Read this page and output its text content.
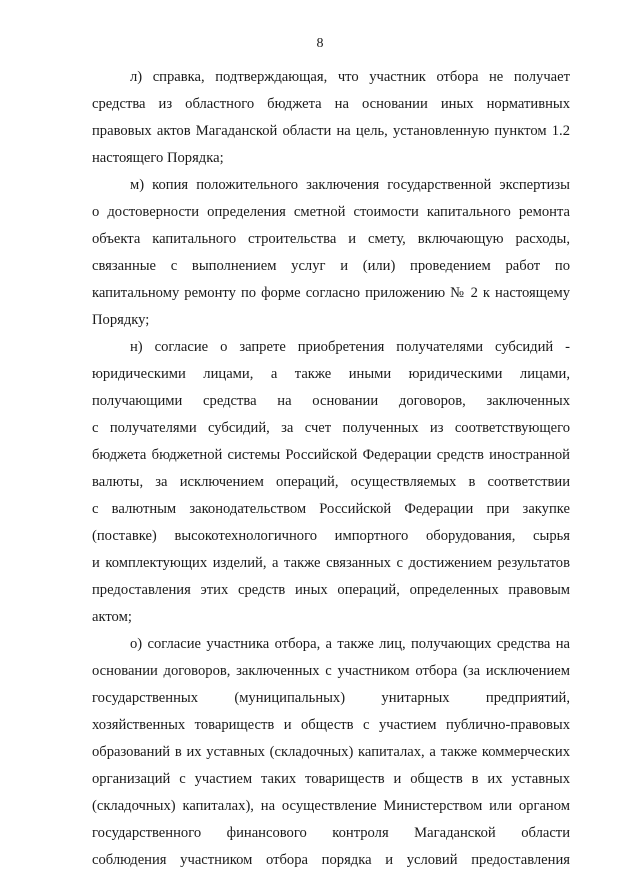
8
л) справка, подтверждающая, что участник отбора не получает
средства из областного бюджета на основании иных нормативных
правовых актов Магаданской области на цель, установленную пунктом 1.2
настоящего Порядка;
м) копия положительного заключения государственной экспертизы
о достоверности определения сметной стоимости капитального ремонта
объекта капитального строительства и смету, включающую расходы,
связанные с выполнением услуг и (или) проведением работ по
капитальному ремонту по форме согласно приложению № 2 к настоящему
Порядку;
н) согласие о запрете приобретения получателями субсидий -
юридическими лицами, а также иными юридическими лицами,
получающими средства на основании договоров, заключенных
с получателями субсидий, за счет полученных из соответствующего
бюджета бюджетной системы Российской Федерации средств иностранной
валюты, за исключением операций, осуществляемых в соответствии
с валютным законодательством Российской Федерации при закупке
(поставке) высокотехнологичного импортного оборудования, сырья
и комплектующих изделий, а также связанных с достижением результатов
предоставления этих средств иных операций, определенных правовым
актом;
о) согласие участника отбора, а также лиц, получающих средства на
основании договоров, заключенных с участником отбора (за исключением
государственных (муниципальных) унитарных предприятий,
хозяйственных товариществ и обществ с участием публично-правовых
образований в их уставных (складочных) капиталах, а также коммерческих
организаций с участием таких товариществ и обществ в их уставных
(складочных) капиталах), на осуществление Министерством или органом
государственного финансового контроля Магаданской области
соблюдения участником отбора порядка и условий предоставления
